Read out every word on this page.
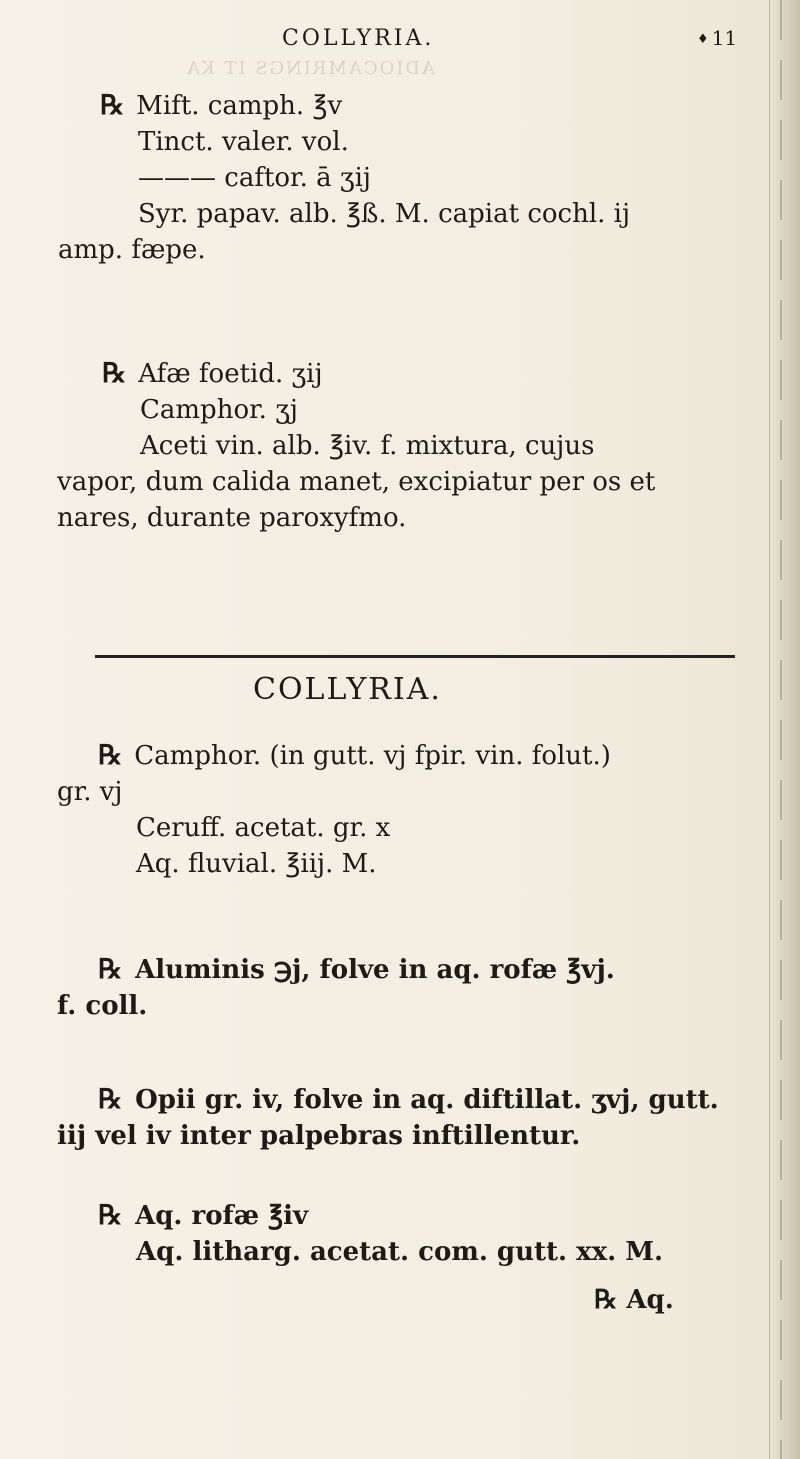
COLLYRIA.
♦	11
ADIOCAMRINGS IT KA
℞ Mift. camph. ℥v
Tinct. valer. vol.
——— caftor. ā ʒij
Syr. papav. alb. ℥ß. M. capiat cochl. ij
amp. fæpe.
℞ Afæ foetid. ʒij
Camphor. ʒj
Aceti vin. alb. ℥iv. f. mixtura, cujus
vapor, dum calida manet, excipiatur per os et
nares, durante paroxyfmo.
COLLYRIA.
℞ Camphor. (in gutt. vj fpir. vin. folut.)
gr. vj
Ceruff. acetat. gr. x
Aq. fluvial. ℥iij. M.
℞ Aluminis ℈j, folve in aq. rofæ ℥vj.
f. coll.
℞ Opii gr. iv, folve in aq. diftillat. ʒvj, gutt.
iij vel iv inter palpebras inftillentur.
℞ Aq. rofæ ℥iv
Aq. litharg. acetat. com. gutt. xx. M.
℞ Aq.
